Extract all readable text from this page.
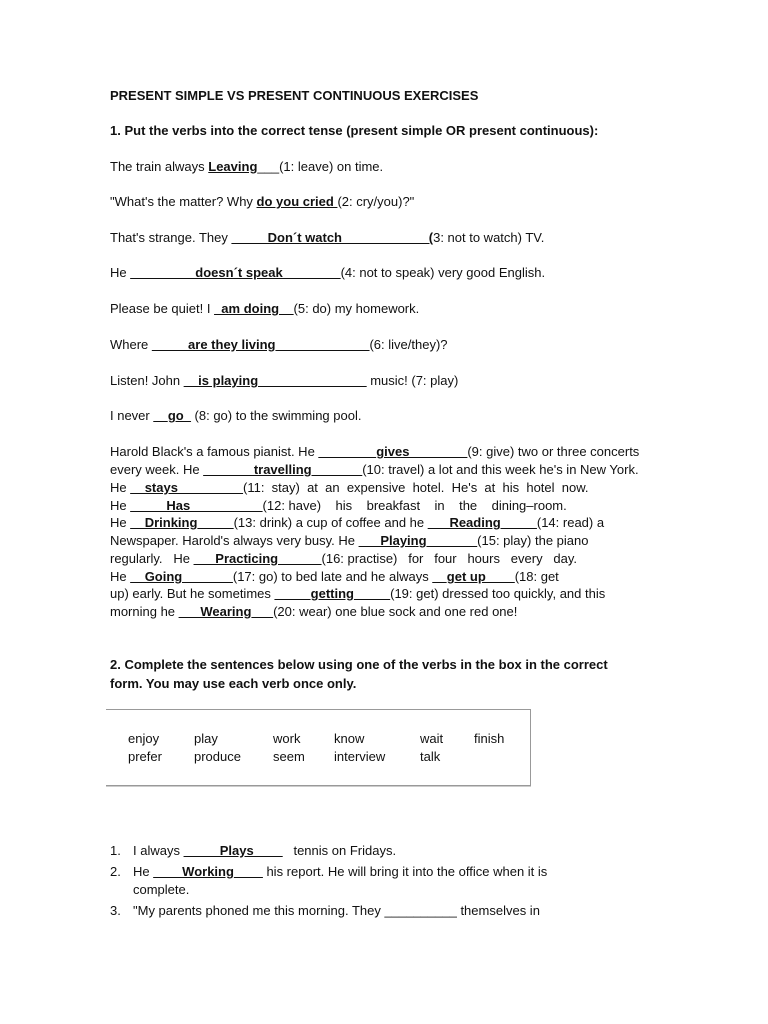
PRESENT SIMPLE VS PRESENT CONTINUOUS EXERCISES
1. Put the verbs into the correct tense (present simple OR present continuous):
The train always Leaving___(1: leave) on time.
"What's the matter? Why do you cried (2: cry/you)?"
That's strange. They _____Don´t watch____________(3: not to watch) TV.
He _________doesn´t speak________(4: not to speak) very good English.
Please be quiet! I _am doing__(5: do) my homework.
Where _____are they living_____________(6: live/they)?
Listen! John __is playing_______________ music! (7: play)
I never __go_ (8: go) to the swimming pool.
Harold Black's a famous pianist. He ________gives________(9: give) two or three concerts
every week. He _______travelling_______(10: travel) a lot and this week he's in New York.
He __stays_________(11:  stay)  at  an  expensive  hotel.  He's  at  his  hotel  now.
He _____Has__________(12: have)    his    breakfast    in    the    dining–room.
He __Drinking_____(13: drink) a cup of coffee and he ___Reading_____(14: read) a
Newspaper. Harold's always very busy. He ___Playing_______(15: play) the piano
regularly.   He ___Practicing______(16: practise)   for   four   hours   every   day.
He __Going_______(17: go) to bed late and he always __get up____(18: get
up) early. But he sometimes _____getting_____(19: get) dressed too quickly, and this
morning he ___Wearing___(20: wear) one blue sock and one red one!
2. Complete the sentences below using one of the verbs in the box in the correct
form. You may use each verb once only.
enjoy	play	work	know	wait finish
prefer produce seem interview	talk
1. I always _____Plays____   tennis on Fridays.
2. He ____Working____ his report. He will bring it into the office when it is
complete.
3. "My parents phoned me this morning. They __________ themselves in
